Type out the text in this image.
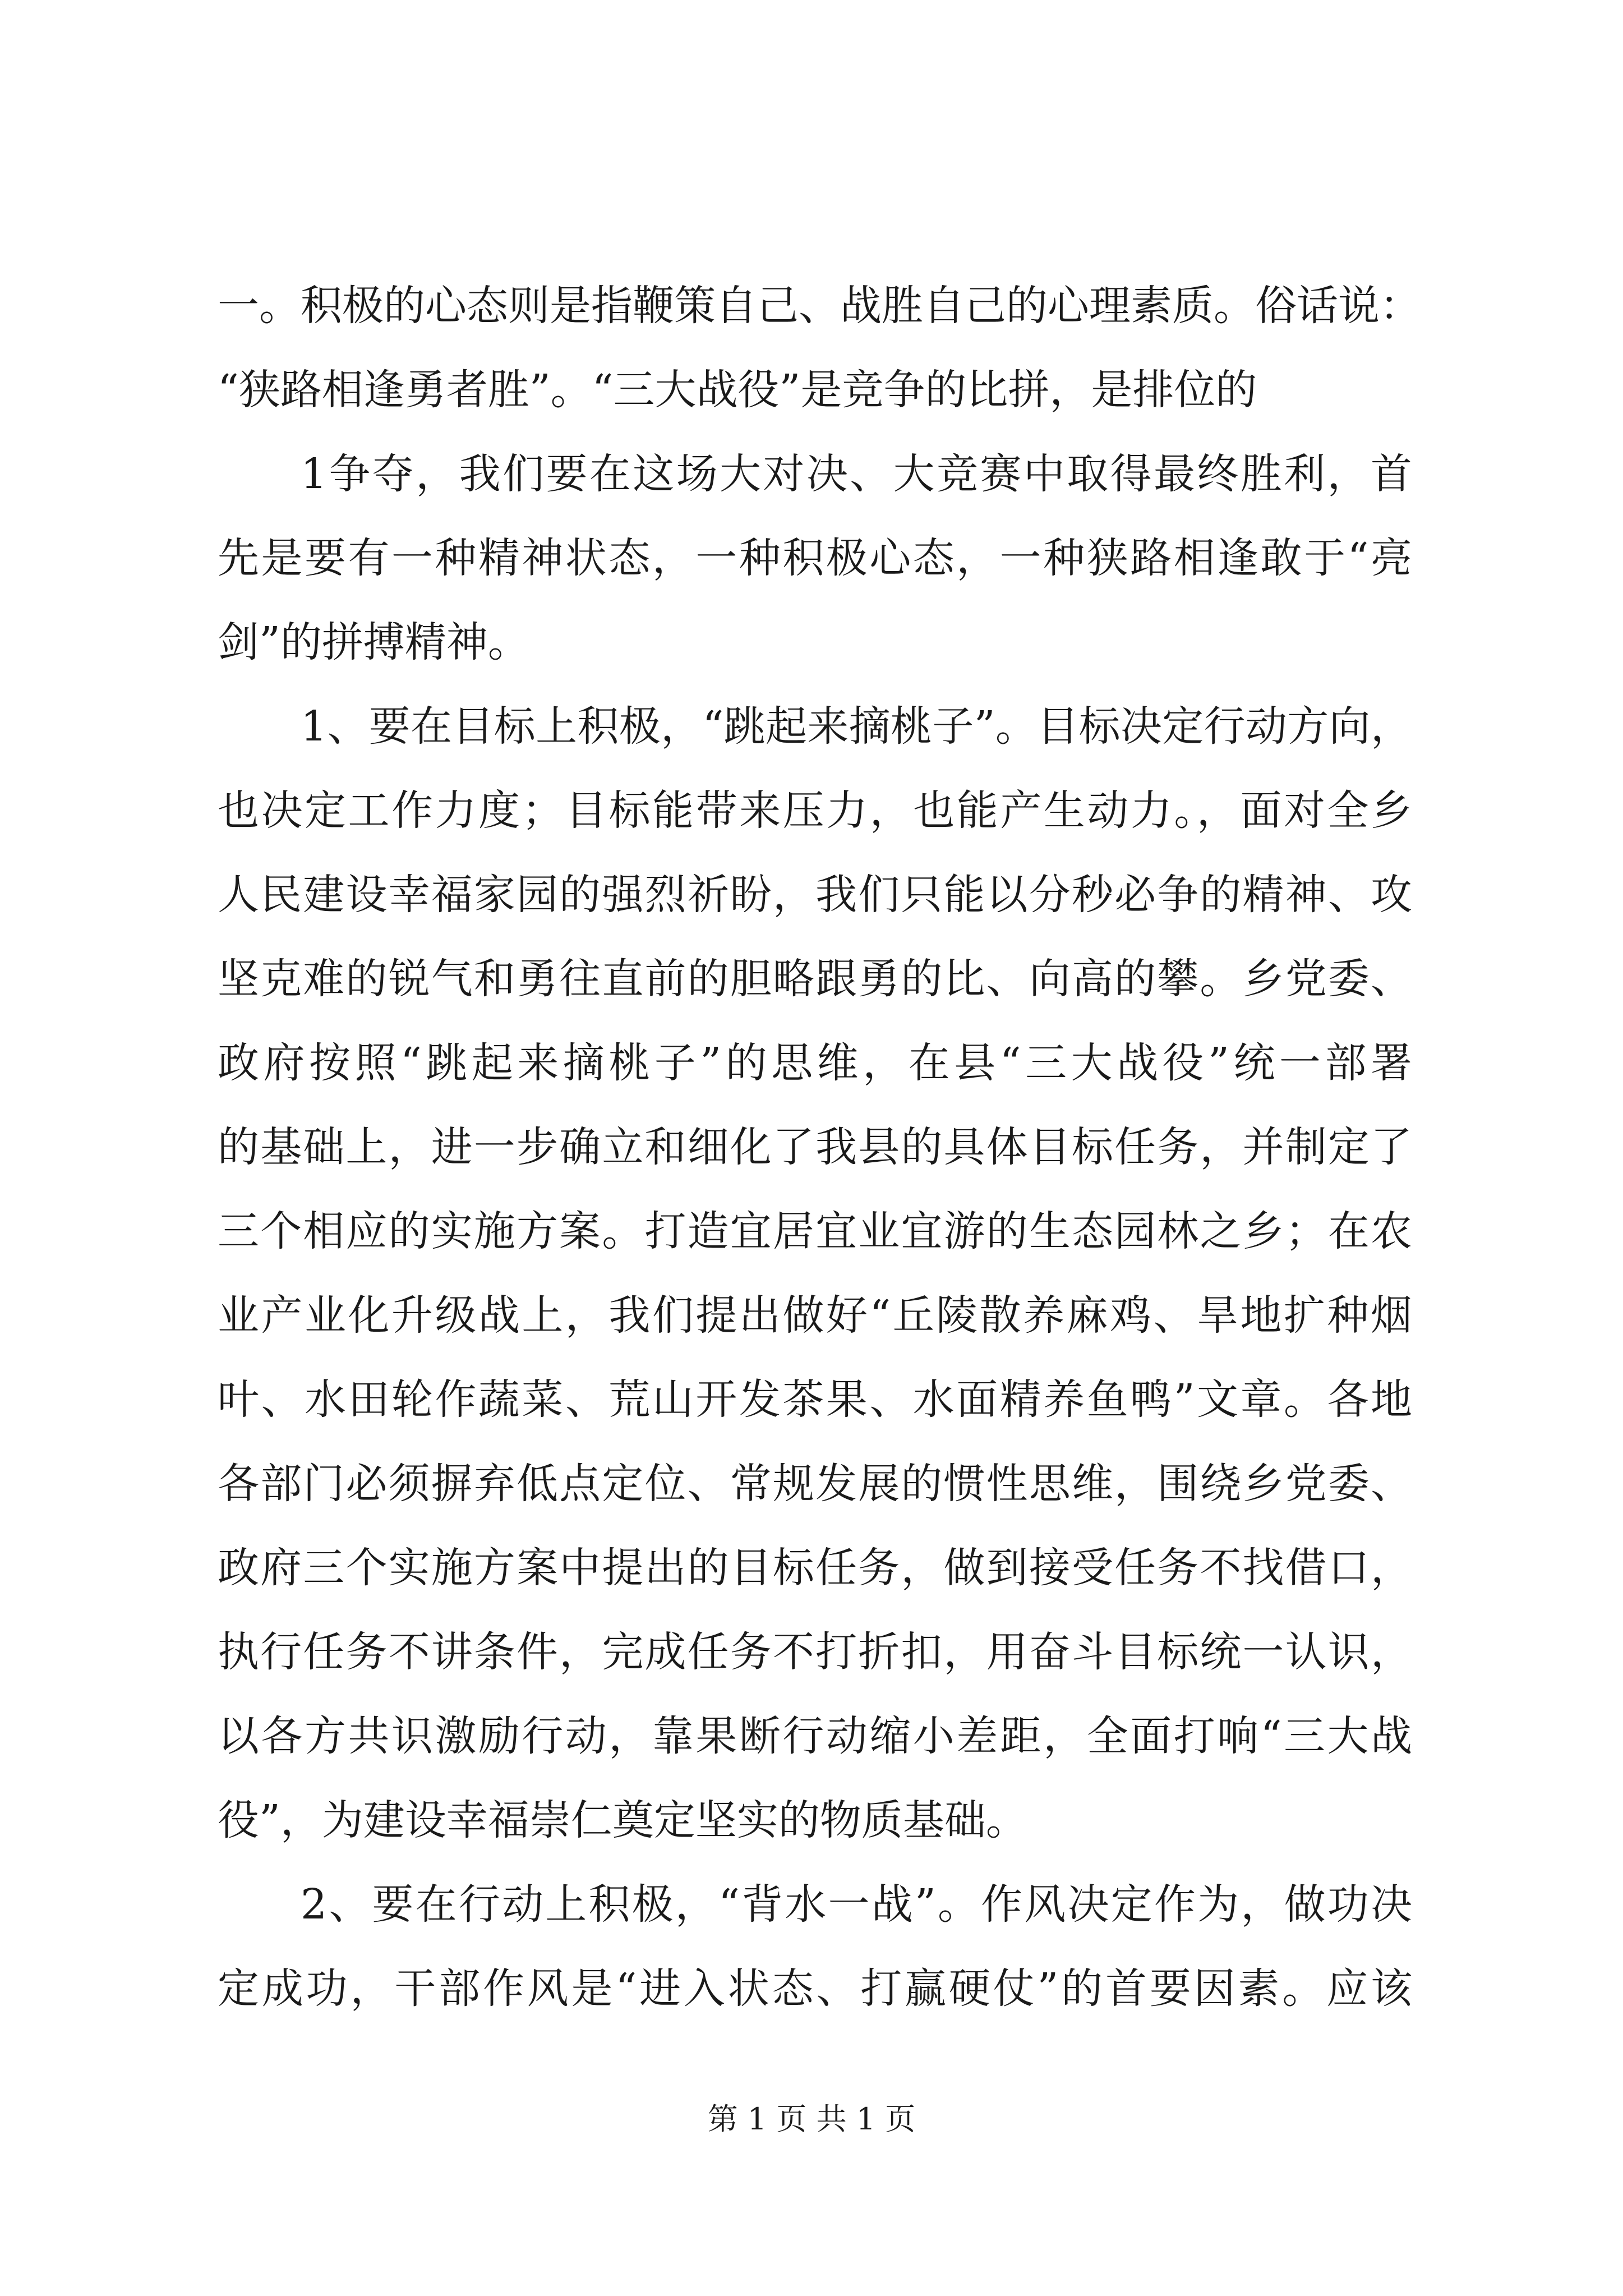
一。积极的心态则是指鞭策自己、战胜自己的心理素质。俗话说：
“狭路相逢勇者胜”。“三大战役”是竞争的比拼，是排位的
1争夺，我们要在这场大对决、大竞赛中取得最终胜利，首
先是要有一种精神状态，一种积极心态，一种狭路相逢敢于“亮
剑”的拼搏精神。
1、要在目标上积极，“跳起来摘桃子”。目标决定行动方向，
也决定工作力度；目标能带来压力，也能产生动力。，面对全乡
人民建设幸福家园的强烈祈盼，我们只能以分秒必争的精神、攻
坚克难的锐气和勇往直前的胆略跟勇的比、向高的攀。乡党委、
政府按照“跳起来摘桃子”的思维，在县“三大战役”统一部署
的基础上，进一步确立和细化了我县的具体目标任务，并制定了
三个相应的实施方案。打造宜居宜业宜游的生态园林之乡；在农
业产业化升级战上，我们提出做好“丘陵散养麻鸡、旱地扩种烟
叶、水田轮作蔬菜、荒山开发茶果、水面精养鱼鸭”文章。各地
各部门必须摒弃低点定位、常规发展的惯性思维，围绕乡党委、
政府三个实施方案中提出的目标任务，做到接受任务不找借口，
执行任务不讲条件，完成任务不打折扣，用奋斗目标统一认识，
以各方共识激励行动，靠果断行动缩小差距，全面打响“三大战
役”，为建设幸福崇仁奠定坚实的物质基础。
2、要在行动上积极，“背水一战”。作风决定作为，做功决
定成功，干部作风是“进入状态、打赢硬仗”的首要因素。应该
第 1 页 共 1 页
